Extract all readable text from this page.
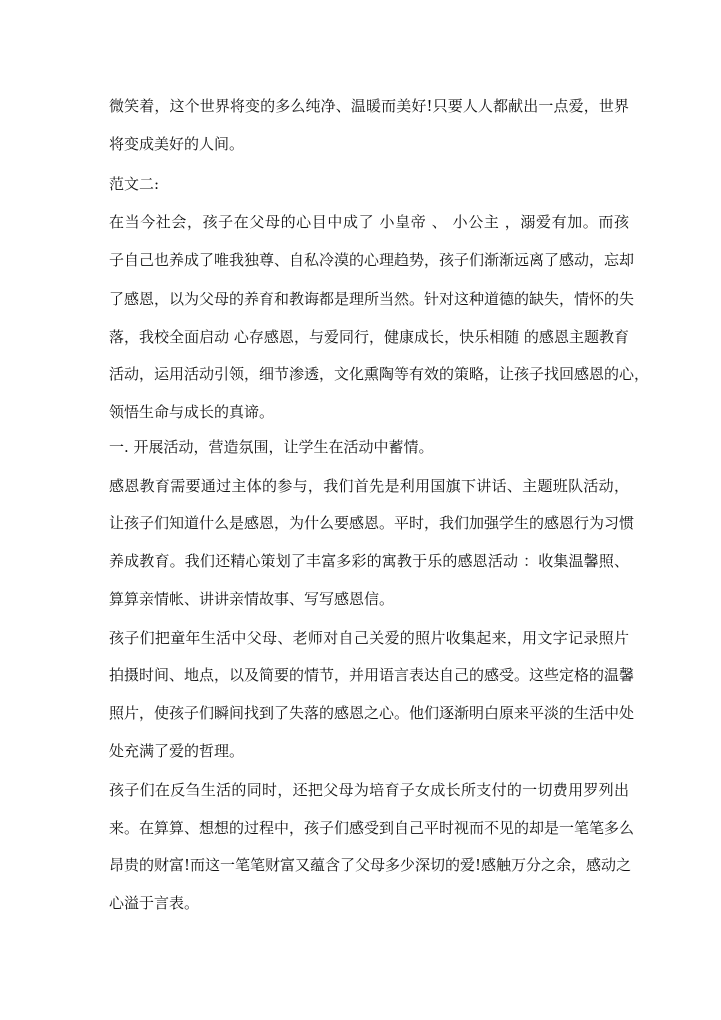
微笑着，这个世界将变的多么纯净、温暖而美好!只要人人都献出一点爱，世界
将变成美好的人间。
范文二:
在当今社会，孩子在父母的心目中成了 小皇帝 、 小公主 ，溺爱有加。而孩
子自己也养成了唯我独尊、自私冷漠的心理趋势，孩子们渐渐远离了感动，忘却
了感恩，以为父母的养育和教诲都是理所当然。针对这种道德的缺失，情怀的失
落，我校全面启动 心存感恩，与爱同行，健康成长，快乐相随 的感恩主题教育
活动，运用活动引领，细节渗透，文化熏陶等有效的策略，让孩子找回感恩的心，
领悟生命与成长的真谛。
一. 开展活动，营造氛围，让学生在活动中蓄情。
感恩教育需要通过主体的参与，我们首先是利用国旗下讲话、主题班队活动，
让孩子们知道什么是感恩，为什么要感恩。平时，我们加强学生的感恩行为习惯
养成教育。我们还精心策划了丰富多彩的寓教于乐的感恩活动 ：收集温馨照、
算算亲情帐、讲讲亲情故事、写写感恩信。
孩子们把童年生活中父母、老师对自己关爱的照片收集起来，用文字记录照片
拍摄时间、地点，以及简要的情节，并用语言表达自己的感受。这些定格的温馨
照片，使孩子们瞬间找到了失落的感恩之心。他们逐渐明白原来平淡的生活中处
处充满了爱的哲理。
孩子们在反刍生活的同时，还把父母为培育子女成长所支付的一切费用罗列出
来。在算算、想想的过程中，孩子们感受到自己平时视而不见的却是一笔笔多么
昂贵的财富!而这一笔笔财富又蕴含了父母多少深切的爱!感触万分之余，感动之
心溢于言表。
